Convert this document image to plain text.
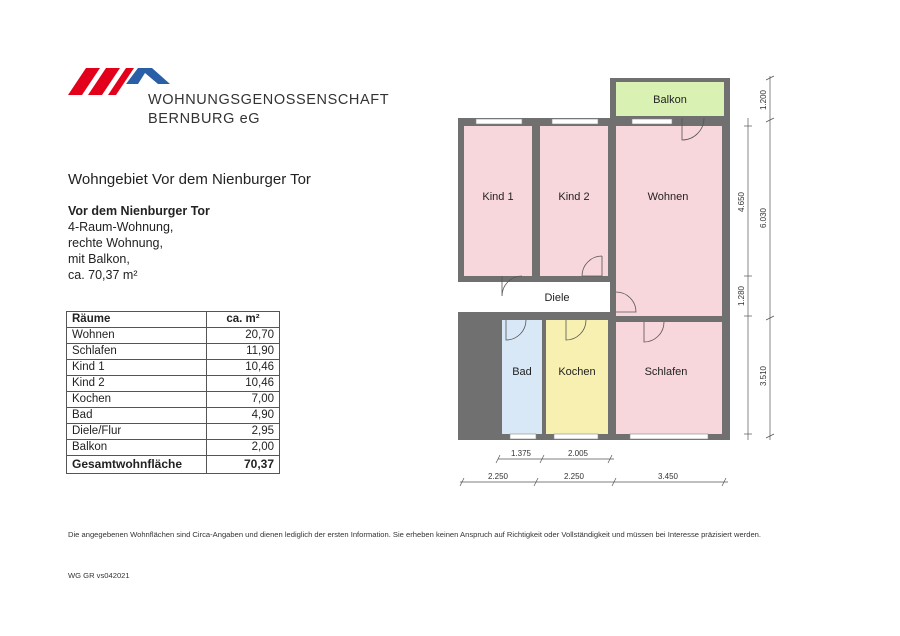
WOHNUNGSGENOSSENSCHAFT
BERNBURG eG
Wohngebiet Vor dem Nienburger Tor
Vor dem Nienburger Tor
4-Raum-Wohnung,
rechte Wohnung,
mit Balkon,
ca. 70,37 m²
Räume	ca. m²
Wohnen	20,70
Schlafen	11,90
Kind 1	10,46
Kind 2	10,46
Kochen	7,00
Bad	4,90
Diele/Flur	2,95
Balkon	2,00
Gesamtwohnfläche	70,37
Balkon
Kind 1	Kind 2	Wohnen
Diele
Bad Kochen	Schlafen
1.200
4.650
6.030
1.280
3.510
1.375	2.005
2.250	2.250	3.450
Die angegebenen Wohnflächen sind Circa-Angaben und dienen lediglich der ersten Information. Sie erheben keinen Anspruch auf Richtigkeit oder Vollständigkeit und müssen bei Interesse präzisiert werden.
WG GR vs042021
